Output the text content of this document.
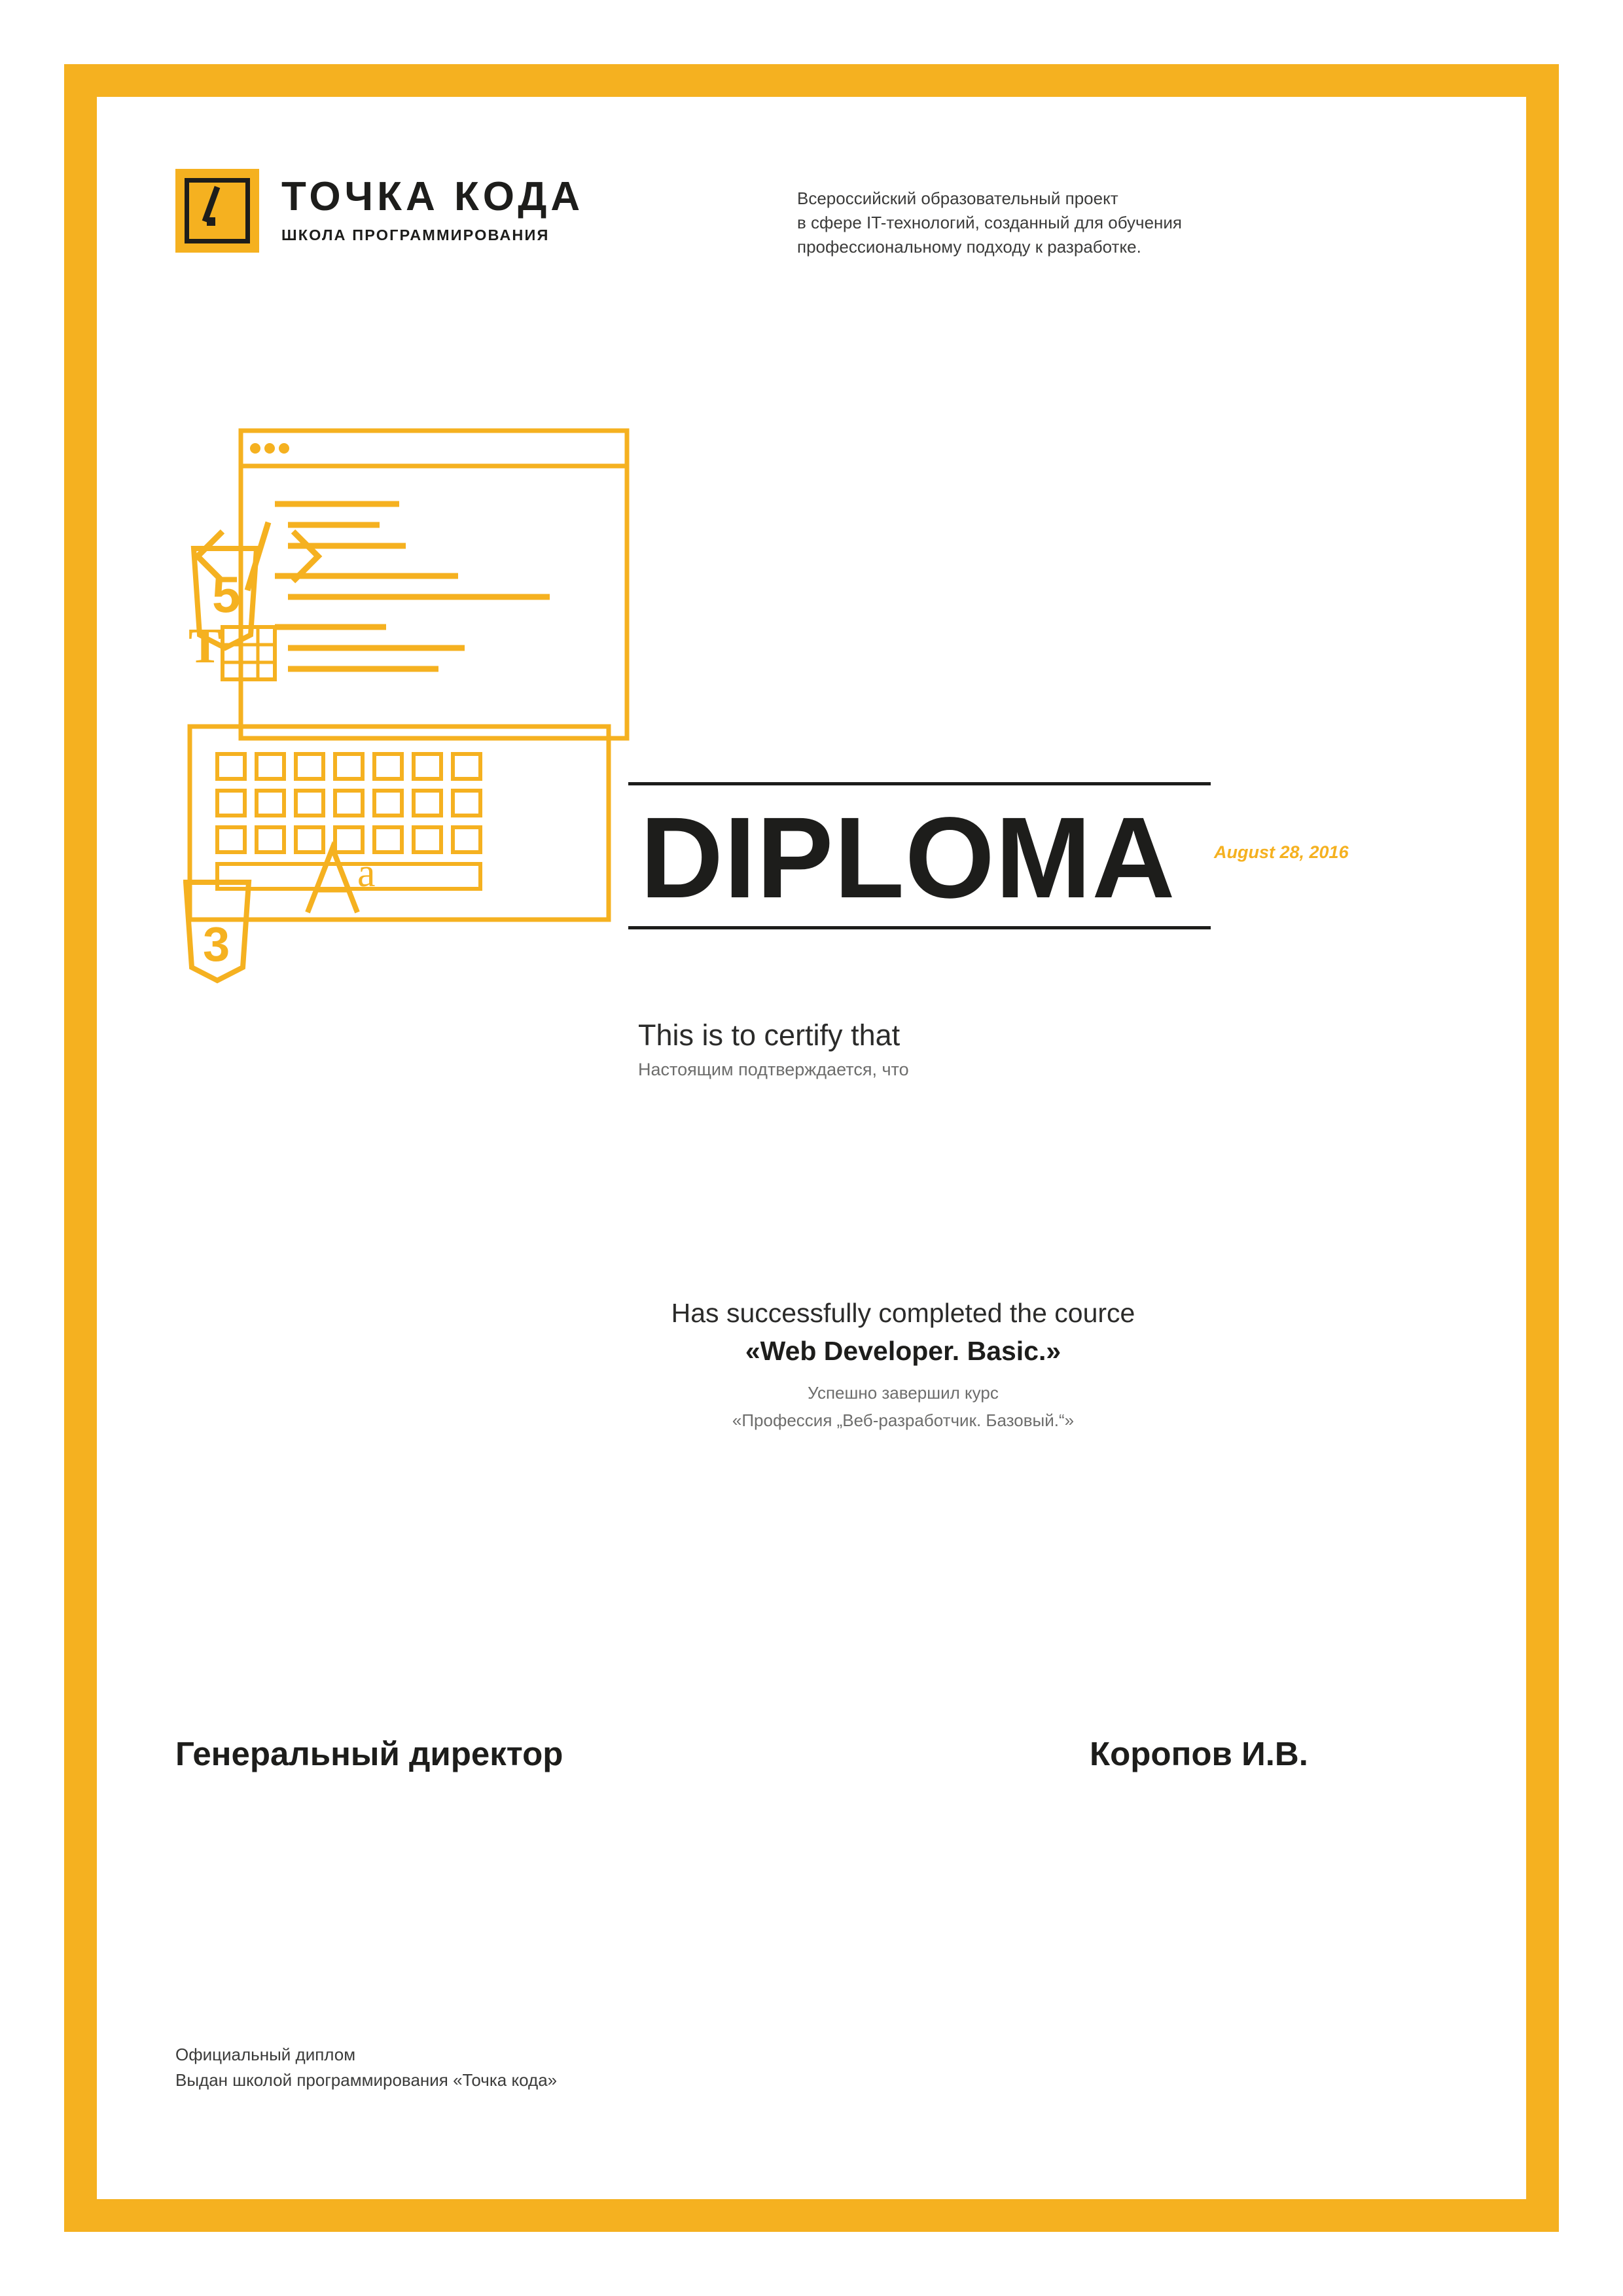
ТОЧКА КОДА
ШКОЛА ПРОГРАММИРОВАНИЯ
Всероссийский образовательный проект
в сфере IT-технологий, созданный для обучения
профессиональному подходу к разработке.
5
3
T
a DIPLOMA	August 28, 2016
This is to certify that
Настоящим подтверждается, что
Has successfully completed the cource
«Web Developer. Basic.»
Успешно завершил курс
«Профессия „Веб-разработчик. Базовый.“»
Генеральный директор	Коропов И.В.
Официальный диплом
Выдан школой программирования «Точка кода»
